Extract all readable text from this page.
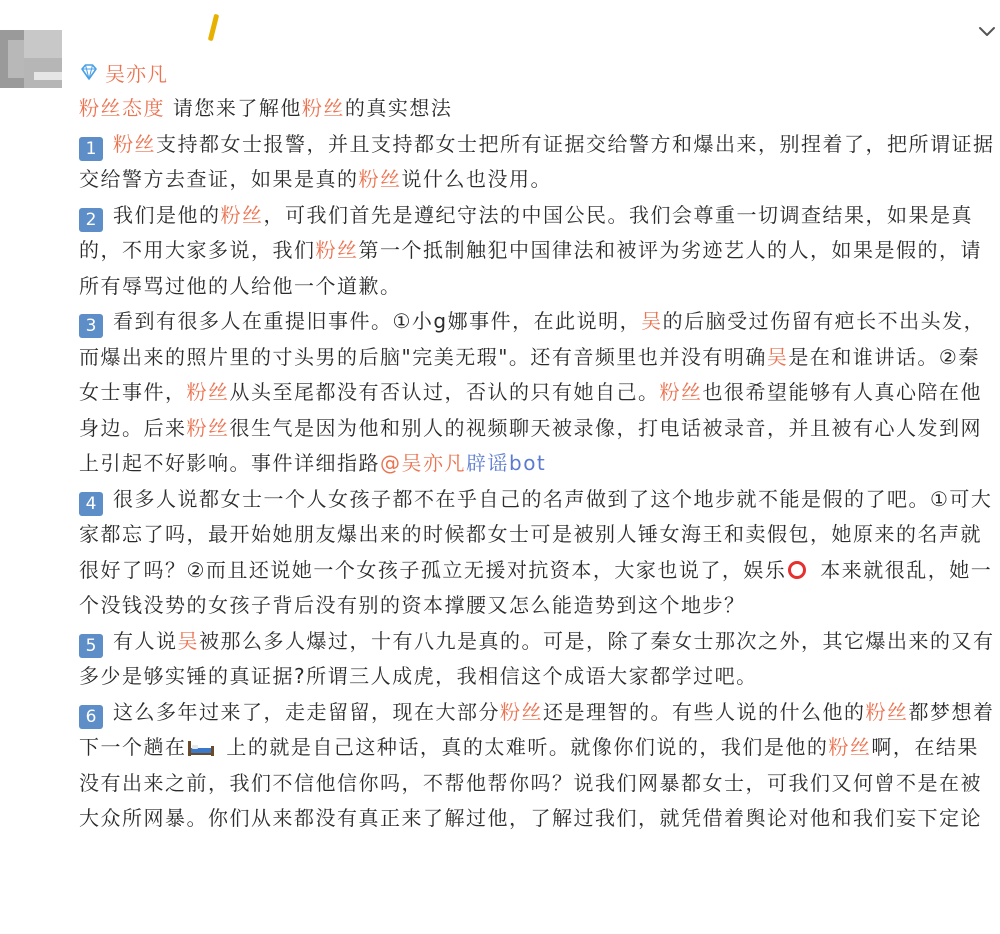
吴亦凡

粉丝态度 请您来了解他粉丝的真实想法

1 粉丝支持都女士报警，并且支持都女士把所有证据交给警方和爆出来，别捏着了，把所谓证据交给警方去查证，如果是真的粉丝说什么也没用。

2 我们是他的粉丝，可我们首先是遵纪守法的中国公民。我们会尊重一切调查结果，如果是真的，不用大家多说，我们粉丝第一个抵制触犯中国律法和被评为劣迹艺人的人，如果是假的，请所有辱骂过他的人给他一个道歉。

3 看到有很多人在重提旧事件。①小g娜事件，在此说明，吴的后脑受过伤留有疤长不出头发，而爆出来的照片里的寸头男的后脑"完美无瑕"。还有音频里也并没有明确吴是在和谁讲话。②秦女士事件，粉丝从头至尾都没有否认过，否认的只有她自己。粉丝也很希望能够有人真心陪在他身边。后来粉丝很生气是因为他和别人的视频聊天被录像，打电话被录音，并且被有心人发到网上引起不好影响。事件详细指路@吴亦凡辟谣bot

4 很多人说都女士一个人女孩子都不在乎自己的名声做到了这个地步就不能是假的了吧。①可大家都忘了吗，最开始她朋友爆出来的时候都女士可是被别人锤女海王和卖假包，她原来的名声就很好了吗？②而且还说她一个女孩子孤立无援对抗资本，大家也说了，娱乐 本来就很乱，她一个没钱没势的女孩子背后没有别的资本撑腰又怎么能造势到这个地步？

5 有人说吴被那么多人爆过，十有八九是真的。可是，除了秦女士那次之外，其它爆出来的又有多少是够实锤的真证据?所谓三人成虎，我相信这个成语大家都学过吧。

6 这么多年过来了，走走留留，现在大部分粉丝还是理智的。有些人说的什么他的粉丝都梦想着下一个趟在 上的就是自己这种话，真的太难听。就像你们说的，我们是他的粉丝啊，在结果没有出来之前，我们不信他信你吗，不帮他帮你吗？说我们网暴都女士，可我们又何曾不是在被大众所网暴。你们从来都没有真正来了解过他，了解过我们，就凭借着舆论对他和我们妄下定论
